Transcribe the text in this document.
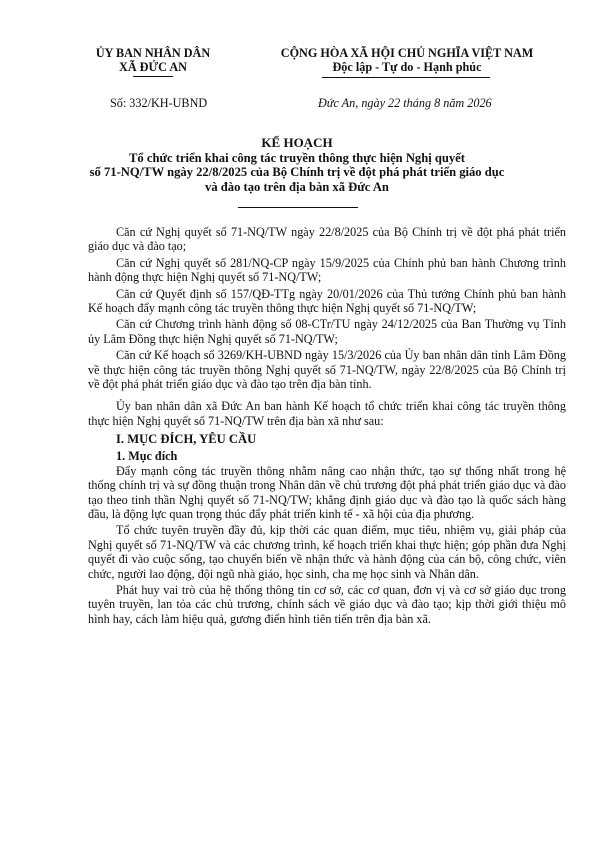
ỦY BAN NHÂN DÂN
XÃ ĐỨC AN
CỘNG HÒA XÃ HỘI CHỦ NGHĨA VIỆT NAM
Độc lập - Tự do - Hạnh phúc
Số: 332/KH-UBND	Đức An, ngày 22 tháng 8 năm 2026
KẾ HOẠCH
Tổ chức triển khai công tác truyền thông thực hiện Nghị quyết
số 71-NQ/TW ngày 22/8/2025 của Bộ Chính trị về đột phá phát triển giáo dục
và đào tạo trên địa bàn xã Đức An

Căn cứ Nghị quyết số 71-NQ/TW ngày 22/8/2025 của Bộ Chính trị về đột phá phát triển giáo dục và đào tạo;

Căn cứ Nghị quyết số 281/NQ-CP ngày 15/9/2025 của Chính phủ ban hành Chương trình hành động thực hiện Nghị quyết số 71-NQ/TW;

Căn cứ Quyết định số 157/QĐ-TTg ngày 20/01/2026 của Thủ tướng Chính phủ ban hành Kế hoạch đẩy mạnh công tác truyền thông thực hiện Nghị quyết số 71-NQ/TW;

Căn cứ Chương trình hành động số 08-CTr/TU ngày 24/12/2025 của Ban Thường vụ Tỉnh ủy Lâm Đồng thực hiện Nghị quyết số 71-NQ/TW;

Căn cứ Kế hoạch số 3269/KH-UBND ngày 15/3/2026 của Ủy ban nhân dân tỉnh Lâm Đồng về thực hiện công tác truyền thông Nghị quyết số 71-NQ/TW, ngày 22/8/2025 của Bộ Chính trị về đột phá phát triển giáo dục và đào tạo trên địa bàn tỉnh.

Ủy ban nhân dân xã Đức An ban hành Kế hoạch tổ chức triển khai công tác truyền thông thực hiện Nghị quyết số 71-NQ/TW trên địa bàn xã như sau:

I. MỤC ĐÍCH, YÊU CẦU
1. Mục đích

Đẩy mạnh công tác truyền thông nhằm nâng cao nhận thức, tạo sự thống nhất trong hệ thống chính trị và sự đồng thuận trong Nhân dân về chủ trương đột phá phát triển giáo dục và đào tạo theo tinh thần Nghị quyết số 71-NQ/TW; khẳng định giáo dục và đào tạo là quốc sách hàng đầu, là động lực quan trọng thúc đẩy phát triển kinh tế - xã hội của địa phương.

Tổ chức tuyên truyền đầy đủ, kịp thời các quan điểm, mục tiêu, nhiệm vụ, giải pháp của Nghị quyết số 71-NQ/TW và các chương trình, kế hoạch triển khai thực hiện; góp phần đưa Nghị quyết đi vào cuộc sống, tạo chuyển biến về nhận thức và hành động của cán bộ, công chức, viên chức, người lao động, đội ngũ nhà giáo, học sinh, cha mẹ học sinh và Nhân dân.

Phát huy vai trò của hệ thống thông tin cơ sở, các cơ quan, đơn vị và cơ sở giáo dục trong tuyên truyền, lan tỏa các chủ trương, chính sách về giáo dục và đào tạo; kịp thời giới thiệu mô hình hay, cách làm hiệu quả, gương điển hình tiên tiến trên địa bàn xã.
